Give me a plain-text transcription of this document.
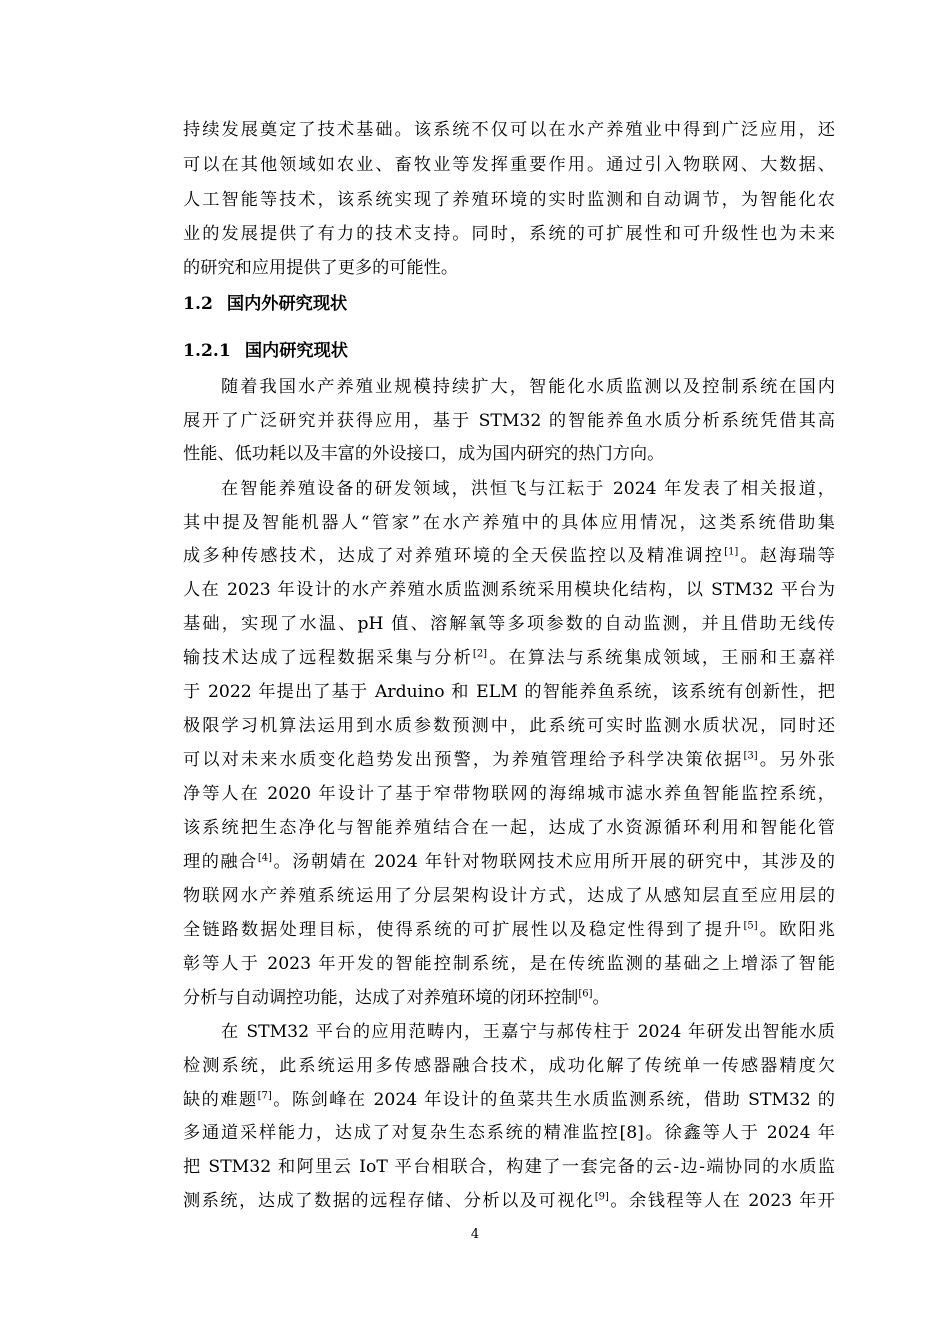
持续发展奠定了技术基础。该系统不仅可以在水产养殖业中得到广泛应用，还
可以在其他领域如农业、畜牧业等发挥重要作用。通过引入物联网、大数据、
人工智能等技术，该系统实现了养殖环境的实时监测和自动调节，为智能化农
业的发展提供了有力的技术支持。同时，系统的可扩展性和可升级性也为未来
的研究和应用提供了更多的可能性。
1.2 国内外研究现状
1.2.1 国内研究现状
随着我国水产养殖业规模持续扩大，智能化水质监测以及控制系统在国内
展开了广泛研究并获得应用，基于 STM32 的智能养鱼水质分析系统凭借其高
性能、低功耗以及丰富的外设接口，成为国内研究的热门方向。
在智能养殖设备的研发领域，洪恒飞与江耘于 2024 年发表了相关报道，
其中提及智能机器人“管家”在水产养殖中的具体应用情况，这类系统借助集
成多种传感技术，达成了对养殖环境的全天侯监控以及精准调控[1]。赵海瑞等
人在 2023 年设计的水产养殖水质监测系统采用模块化结构，以 STM32 平台为
基础，实现了水温、pH 值、溶解氧等多项参数的自动监测，并且借助无线传
输技术达成了远程数据采集与分析[2]。在算法与系统集成领域，王丽和王嘉祥
于 2022 年提出了基于 Arduino 和 ELM 的智能养鱼系统，该系统有创新性，把
极限学习机算法运用到水质参数预测中，此系统可实时监测水质状况，同时还
可以对未来水质变化趋势发出预警，为养殖管理给予科学决策依据[3]。另外张
净等人在 2020 年设计了基于窄带物联网的海绵城市滤水养鱼智能监控系统，
该系统把生态净化与智能养殖结合在一起，达成了水资源循环利用和智能化管
理的融合[4]。汤朝婧在 2024 年针对物联网技术应用所开展的研究中，其涉及的
物联网水产养殖系统运用了分层架构设计方式，达成了从感知层直至应用层的
全链路数据处理目标，使得系统的可扩展性以及稳定性得到了提升[5]。欧阳兆
彰等人于 2023 年开发的智能控制系统，是在传统监测的基础之上增添了智能
分析与自动调控功能，达成了对养殖环境的闭环控制[6]。
在 STM32 平台的应用范畴内，王嘉宁与郝传柱于 2024 年研发出智能水质
检测系统，此系统运用多传感器融合技术，成功化解了传统单一传感器精度欠
缺的难题[7]。陈剑峰在 2024 年设计的鱼菜共生水质监测系统，借助 STM32 的
多通道采样能力，达成了对复杂生态系统的精准监控[8]。徐鑫等人于 2024 年
把 STM32 和阿里云 IoT 平台相联合，构建了一套完备的云-边-端协同的水质监
测系统，达成了数据的远程存储、分析以及可视化[9]。余钱程等人在 2023 年开
4
